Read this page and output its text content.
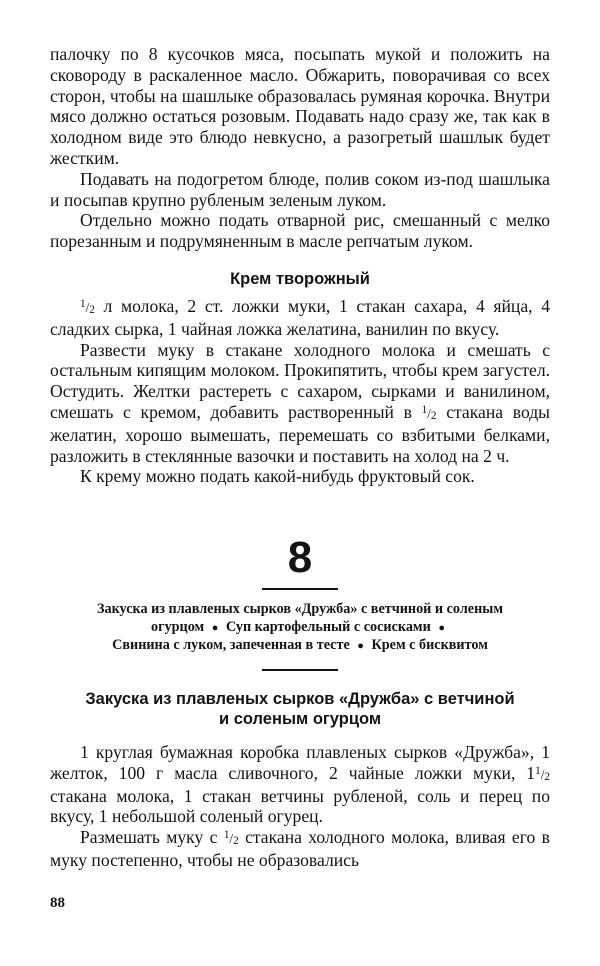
палочку по 8 кусочков мяса, посыпать мукой и положить на сковороду в раскаленное масло. Обжарить, поворачивая со всех сторон, чтобы на шашлыке образовалась румяная корочка. Внутри мясо должно остаться розовым. Подавать надо сразу же, так как в холодном виде это блюдо невкусно, а разогретый шашлык будет жестким.

Подавать на подогретом блюде, полив соком из-под шашлыка и посыпав крупно рубленым зеленым луком.

Отдельно можно подать отварной рис, смешанный с мелко порезанным и подрумяненным в масле репчатым луком.

Крем творожный

$^1/_2$ л молока, 2 ст. ложки муки, 1 стакан сахара, 4 яйца, 4 сладких сырка, 1 чайная ложка желатина, ванилин по вкусу.

Развести муку в стакане холодного молока и смешать с остальным кипящим молоком. Прокипятить, чтобы крем загустел. Остудить. Желтки растереть с сахаром, сырками и ванилином, смешать с кремом, добавить растворенный в $^1/_2$ стакана воды желатин, хорошо вымешать, перемешать со взбитыми белками, разложить в стеклянные вазочки и поставить на холод на 2 ч.

К крему можно подать какой-нибудь фруктовый сок.

8
Закуска из плавленых сырков «Дружба» с ветчиной и соленым огурцом ● Суп картофельный с сосисками ●
Свинина с луком, запеченная в тесте ● Крем с бисквитом
Закуска из плавленых сырков «Дружба» с ветчиной
и соленым огурцом

1 круглая бумажная коробка плавленых сырков «Дружба», 1 желток, 100 г масла сливочного, 2 чайные ложки муки, $1^1/_2$ стакана молока, 1 стакан ветчины рубленой, соль и перец по вкусу, 1 небольшой соленый огурец.

Размешать муку с $^1/_2$ стакана холодного молока, вливая его в муку постепенно, чтобы не образовались

88
